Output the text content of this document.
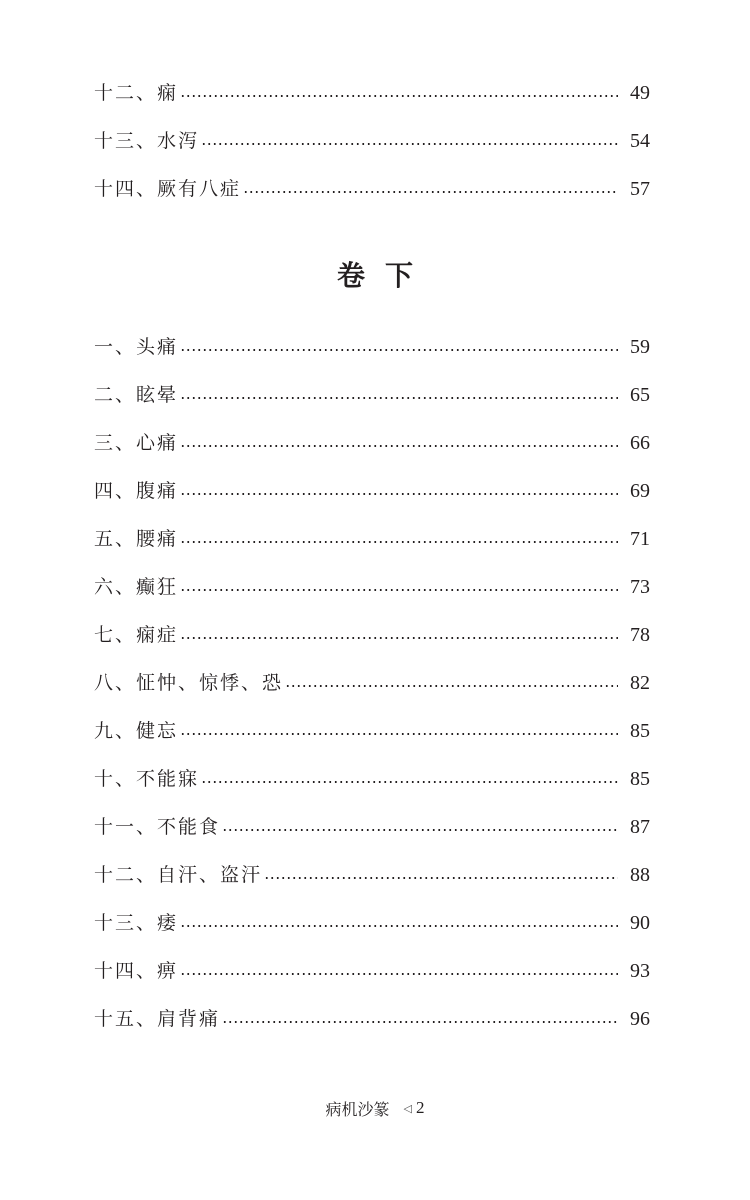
十二、痫	49
十三、水泻	54
十四、厥有八症	57
卷下
一、头痛	59
二、眩晕	65
三、心痛	66
四、腹痛	69
五、腰痛	71
六、癫狂	73
七、痫症	78
八、怔忡、惊悸、恐	82
九、健忘	85
十、不能寐	85
十一、不能食	87
十二、自汗、盗汗	88
十三、痿	90
十四、痹	93
十五、肩背痛	96
病机沙篆 ◁ 2
